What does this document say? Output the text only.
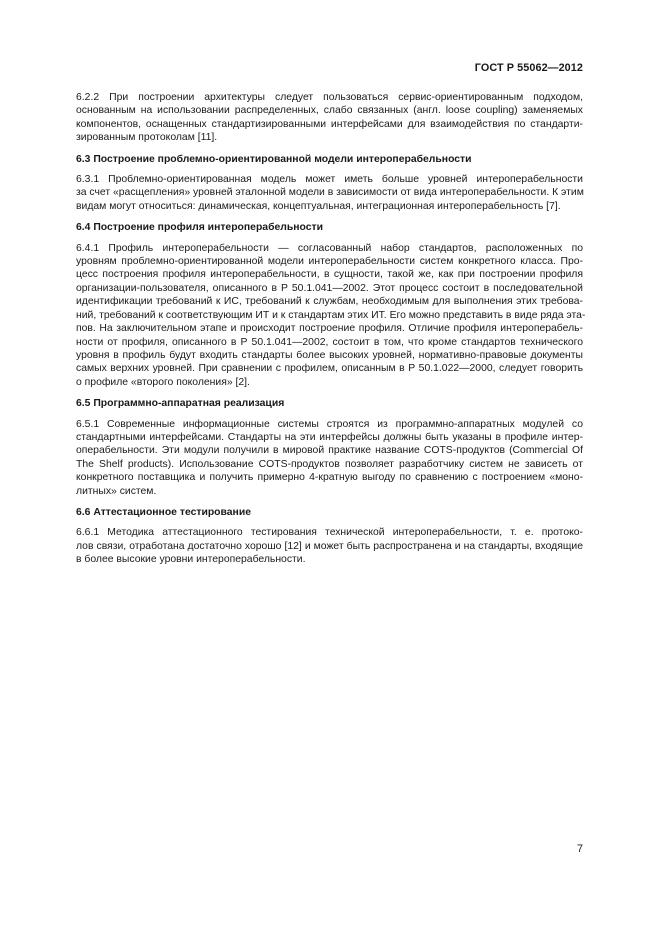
ГОСТ Р 55062—2012
6.2.2 При построении архитектуры следует пользоваться сервис-ориентированным подходом,
основанным на использовании распределенных, слабо связанных (англ. loose coupling) заменяемых
компонентов, оснащенных стандартизированными интерфейсами для взаимодействия по стандарти-
зированным протоколам [11].
6.3 Построение проблемно-ориентированной модели интероперабельности
6.3.1 Проблемно-ориентированная модель может иметь больше уровней интероперабельности
за счет «расщепления» уровней эталонной модели в зависимости от вида интероперабельности. К этим
видам могут относиться: динамическая, концептуальная, интеграционная интероперабельность [7].
6.4 Построение профиля интероперабельности
6.4.1 Профиль интероперабельности — согласованный набор стандартов, расположенных по
уровням проблемно-ориентированной модели интероперабельности систем конкретного класса. Про-
цесс построения профиля интероперабельности, в сущности, такой же, как при построении профиля
организации-пользователя, описанного в Р 50.1.041—2002. Этот процесс состоит в последовательной
идентификации требований к ИС, требований к службам, необходимым для выполнения этих требова-
ний, требований к соответствующим ИТ и к стандартам этих ИТ. Его можно представить в виде ряда эта-
пов. На заключительном этапе и происходит построение профиля. Отличие профиля интероперабель-
ности от профиля, описанного в Р 50.1.041—2002, состоит в том, что кроме стандартов технического
уровня в профиль будут входить стандарты более высоких уровней, нормативно-правовые документы
самых верхних уровней. При сравнении с профилем, описанным в Р 50.1.022—2000, следует говорить
о профиле «второго поколения» [2].
6.5 Программно-аппаратная реализация
6.5.1 Современные информационные системы строятся из программно-аппаратных модулей со
стандартными интерфейсами. Стандарты на эти интерфейсы должны быть указаны в профиле интер-
операбельности. Эти модули получили в мировой практике название COTS-продуктов (Commercial Of
The Shelf products). Использование COTS-продуктов позволяет разработчику систем не зависеть от
конкретного поставщика и получить примерно 4-кратную выгоду по сравнению с построением «моно-
литных» систем.
6.6 Аттестационное тестирование
6.6.1 Методика аттестационного тестирования технической интероперабельности, т. е. протоко-
лов связи, отработана достаточно хорошо [12] и может быть распространена и на стандарты, входящие
в более высокие уровни интероперабельности.
7
